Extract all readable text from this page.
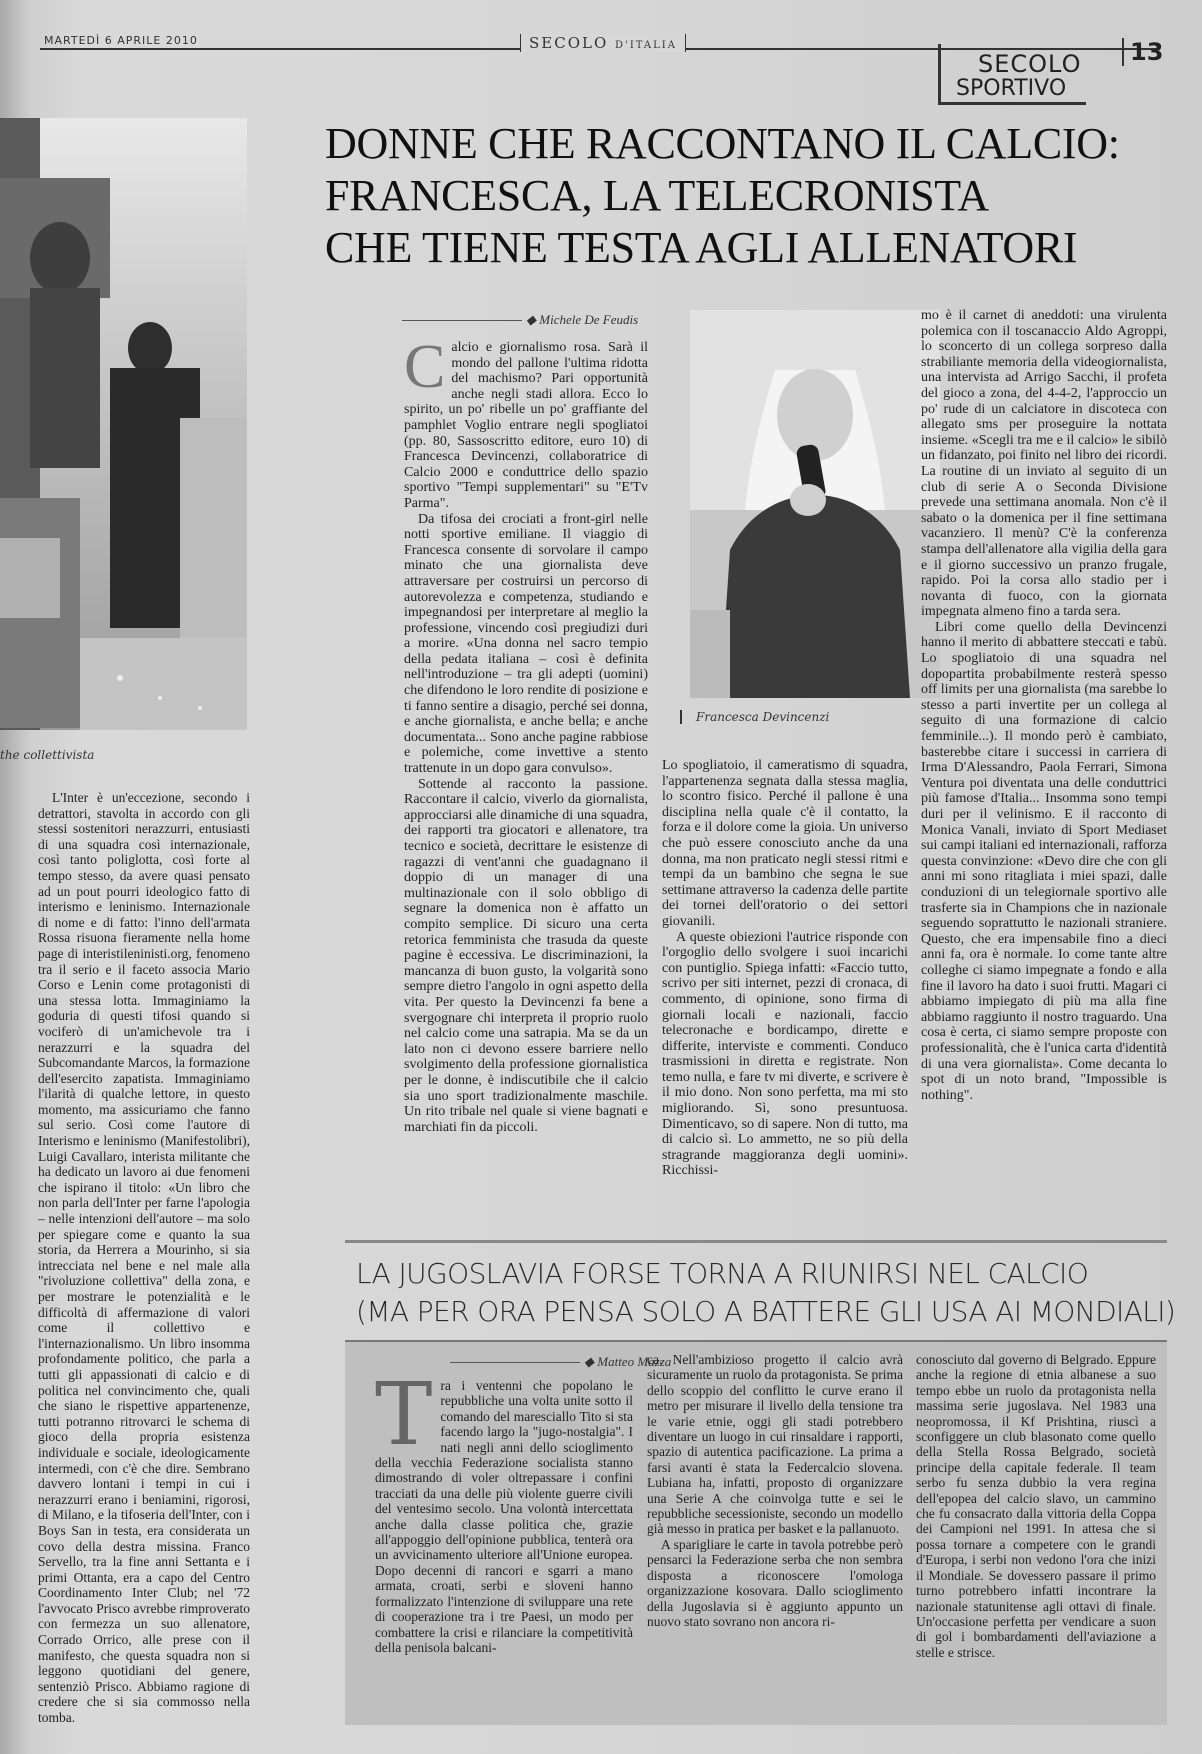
MARTEDÌ 6 APRILE 2010	SECOLO D'ITALIA
SECOLO
SPORTIVO
13
the collettivista
DONNE CHE RACCONTANO IL CALCIO:
FRANCESCA, LA TELECRONISTA
CHE TIENE TESTA AGLI ALLENATORI
◆ Michele De Feudis

Calcio e giornalismo rosa. Sarà il mondo del pallone l'ultima ridotta del machismo? Pari opportunità anche negli stadi allora. Ecco lo spirito, un po' ribelle un po' graffiante del pamphlet Voglio entrare negli spogliatoi (pp. 80, Sassoscritto editore, euro 10) di Francesca Devincenzi, collaboratrice di Calcio 2000 e conduttrice dello spazio sportivo "Tempi supplementari" su "E'Tv Parma".

Da tifosa dei crociati a front-girl nelle notti sportive emiliane. Il viaggio di Francesca consente di sorvolare il campo minato che una giornalista deve attraversare per costruirsi un percorso di autorevolezza e competenza, studiando e impegnandosi per interpretare al meglio la professione, vincendo così pregiudizi duri a morire. «Una donna nel sacro tempio della pedata italiana – così è definita nell'introduzione – tra gli adepti (uomini) che difendono le loro rendite di posizione e ti fanno sentire a disagio, perché sei donna, e anche giornalista, e anche bella; e anche documentata... Sono anche pagine rabbiose e polemiche, come invettive a stento trattenute in un dopo gara convulso».

Sottende al racconto la passione. Raccontare il calcio, viverlo da giornalista, approcciarsi alle dinamiche di una squadra, dei rapporti tra giocatori e allenatore, tra tecnico e società, decrittare le esistenze di ragazzi di vent'anni che guadagnano il doppio di un manager di una multinazionale con il solo obbligo di segnare la domenica non è affatto un compito semplice. Di sicuro una certa retorica femminista che trasuda da queste pagine è eccessiva. Le discriminazioni, la mancanza di buon gusto, la volgarità sono sempre dietro l'angolo in ogni aspetto della vita. Per questo la Devincenzi fa bene a svergognare chi interpreta il proprio ruolo nel calcio come una satrapia. Ma se da un lato non ci devono essere barriere nello svolgimento della professione giornalistica per le donne, è indiscutibile che il calcio sia uno sport tradizionalmente maschile. Un rito tribale nel quale si viene bagnati e marchiati fin da piccoli.

Francesca Devincenzi

Lo spogliatoio, il cameratismo di squadra, l'appartenenza segnata dalla stessa maglia, lo scontro fisico. Perché il pallone è una disciplina nella quale c'è il contatto, la forza e il dolore come la gioia. Un universo che può essere conosciuto anche da una donna, ma non praticato negli stessi ritmi e tempi da un bambino che segna le sue settimane attraverso la cadenza delle partite dei tornei dell'oratorio o dei settori giovanili.

A queste obiezioni l'autrice risponde con l'orgoglio dello svolgere i suoi incarichi con puntiglio. Spiega infatti: «Faccio tutto, scrivo per siti internet, pezzi di cronaca, di commento, di opinione, sono firma di giornali locali e nazionali, faccio telecronache e bordicampo, dirette e differite, interviste e commenti. Conduco trasmissioni in diretta e registrate. Non temo nulla, e fare tv mi diverte, e scrivere è il mio dono. Non sono perfetta, ma mi sto migliorando. Sì, sono presuntuosa. Dimenticavo, so di sapere. Non di tutto, ma di calcio sì. Lo ammetto, ne so più della stragrande maggioranza degli uomini». Ricchissi-

mo è il carnet di aneddoti: una virulenta polemica con il toscanaccio Aldo Agroppi, lo sconcerto di un collega sorpreso dalla strabiliante memoria della videogiornalista, una intervista ad Arrigo Sacchi, il profeta del gioco a zona, del 4-4-2, l'approccio un po' rude di un calciatore in discoteca con allegato sms per proseguire la nottata insieme. «Scegli tra me e il calcio» le sibilò un fidanzato, poi finito nel libro dei ricordi. La routine di un inviato al seguito di un club di serie A o Seconda Divisione prevede una settimana anomala. Non c'è il sabato o la domenica per il fine settimana vacanziero. Il menù? C'è la conferenza stampa dell'allenatore alla vigilia della gara e il giorno successivo un pranzo frugale, rapido. Poi la corsa allo stadio per i novanta di fuoco, con la giornata impegnata almeno fino a tarda sera.

Libri come quello della Devincenzi hanno il merito di abbattere steccati e tabù. Lo spogliatoio di una squadra nel dopopartita probabilmente resterà spesso off limits per una giornalista (ma sarebbe lo stesso a parti invertite per un collega al seguito di una formazione di calcio femminile...). Il mondo però è cambiato, basterebbe citare i successi in carriera di Irma D'Alessandro, Paola Ferrari, Simona Ventura poi diventata una delle conduttrici più famose d'Italia... Insomma sono tempi duri per il velinismo. E il racconto di Monica Vanali, inviato di Sport Mediaset sui campi italiani ed internazionali, rafforza questa convinzione: «Devo dire che con gli anni mi sono ritagliata i miei spazi, dalle conduzioni di un telegiornale sportivo alle trasferte sia in Champions che in nazionale seguendo soprattutto le nazionali straniere. Questo, che era impensabile fino a dieci anni fa, ora è normale. Io come tante altre colleghe ci siamo impegnate a fondo e alla fine il lavoro ha dato i suoi frutti. Magari ci abbiamo impiegato di più ma alla fine abbiamo raggiunto il nostro traguardo. Una cosa è certa, ci siamo sempre proposte con professionalità, che è l'unica carta d'identità di una vera giornalista». Come decanta lo spot di un noto brand, "Impossible is nothing".

L'Inter è un'eccezione, secondo i detrattori, stavolta in accordo con gli stessi sostenitori nerazzurri, entusiasti di una squadra così internazionale, così tanto poliglotta, così forte al tempo stesso, da avere quasi pensato ad un pout pourri ideologico fatto di interismo e leninismo. Internazionale di nome e di fatto: l'inno dell'armata Rossa risuona fieramente nella home page di interistileninisti.org, fenomeno tra il serio e il faceto associa Mario Corso e Lenin come protagonisti di una stessa lotta. Immaginiamo la goduria di questi tifosi quando si vociferò di un'amichevole tra i nerazzurri e la squadra del Subcomandante Marcos, la formazione dell'esercito zapatista. Immaginiamo l'ilarità di qualche lettore, in questo momento, ma assicuriamo che fanno sul serio. Così come l'autore di Interismo e leninismo (Manifestolibri), Luigi Cavallaro, interista militante che ha dedicato un lavoro ai due fenomeni che ispirano il titolo: «Un libro che non parla dell'Inter per farne l'apologia – nelle intenzioni dell'autore – ma solo per spiegare come e quanto la sua storia, da Herrera a Mourinho, si sia intrecciata nel bene e nel male alla "rivoluzione collettiva" della zona, e per mostrare le potenzialità e le difficoltà di affermazione di valori come il collettivo e l'internazionalismo. Un libro insomma profondamente politico, che parla a tutti gli appassionati di calcio e di politica nel convincimento che, quali che siano le rispettive appartenenze, tutti potranno ritrovarci le schema di gioco della propria esistenza individuale e sociale, ideologicamente intermedi, con c'è che dire. Sembrano davvero lontani i tempi in cui i nerazzurri erano i beniamini, rigorosi, di Milano, e la tifoseria dell'Inter, con i Boys San in testa, era considerata un covo della destra missina. Franco Servello, tra la fine anni Settanta e i primi Ottanta, era a capo del Centro Coordinamento Inter Club; nel '72 l'avvocato Prisco avrebbe rimproverato con fermezza un suo allenatore, Corrado Orrico, alle prese con il manifesto, che questa squadra non si leggono quotidiani del genere, sentenziò Prisco. Abbiamo ragione di credere che si sia commosso nella tomba.

LA JUGOSLAVIA FORSE TORNA A RIUNIRSI NEL CALCIO
(MA PER ORA PENSA SOLO A BATTERE GLI USA AI MONDIALI)
◆ Matteo Mazza

Tra i ventenni che popolano le repubbliche una volta unite sotto il comando del maresciallo Tito si sta facendo largo la "jugo-nostalgia". I nati negli anni dello scioglimento della vecchia Federazione socialista stanno dimostrando di voler oltrepassare i confini tracciati da una delle più violente guerre civili del ventesimo secolo. Una volontà intercettata anche dalla classe politica che, grazie all'appoggio dell'opinione pubblica, tenterà ora un avvicinamento ulteriore all'Unione europea. Dopo decenni di rancori e sgarri a mano armata, croati, serbi e sloveni hanno formalizzato l'intenzione di sviluppare una rete di cooperazione tra i tre Paesi, un modo per combattere la crisi e rilanciare la competitività della penisola balcani-

ca. Nell'ambizioso progetto il calcio avrà sicuramente un ruolo da protagonista. Se prima dello scoppio del conflitto le curve erano il metro per misurare il livello della tensione tra le varie etnie, oggi gli stadi potrebbero diventare un luogo in cui rinsaldare i rapporti, spazio di autentica pacificazione. La prima a farsi avanti è stata la Federcalcio slovena. Lubiana ha, infatti, proposto di organizzare una Serie A che coinvolga tutte e sei le repubbliche secessioniste, secondo un modello già messo in pratica per basket e la pallanuoto.

A sparigliare le carte in tavola potrebbe però pensarci la Federazione serba che non sembra disposta a riconoscere l'omologa organizzazione kosovara. Dallo scioglimento della Jugoslavia si è aggiunto appunto un nuovo stato sovrano non ancora ri-

conosciuto dal governo di Belgrado. Eppure anche la regione di etnia albanese a suo tempo ebbe un ruolo da protagonista nella massima serie jugoslava. Nel 1983 una neopromossa, il Kf Prishtina, riuscì a sconfiggere un club blasonato come quello della Stella Rossa Belgrado, società principe della capitale federale. Il team serbo fu senza dubbio la vera regina dell'epopea del calcio slavo, un cammino che fu consacrato dalla vittoria della Coppa dei Campioni nel 1991. In attesa che si possa tornare a competere con le grandi d'Europa, i serbi non vedono l'ora che inizi il Mondiale. Se dovessero passare il primo turno potrebbero infatti incontrare la nazionale statunitense agli ottavi di finale. Un'occasione perfetta per vendicare a suon di gol i bombardamenti dell'aviazione a stelle e strisce.
